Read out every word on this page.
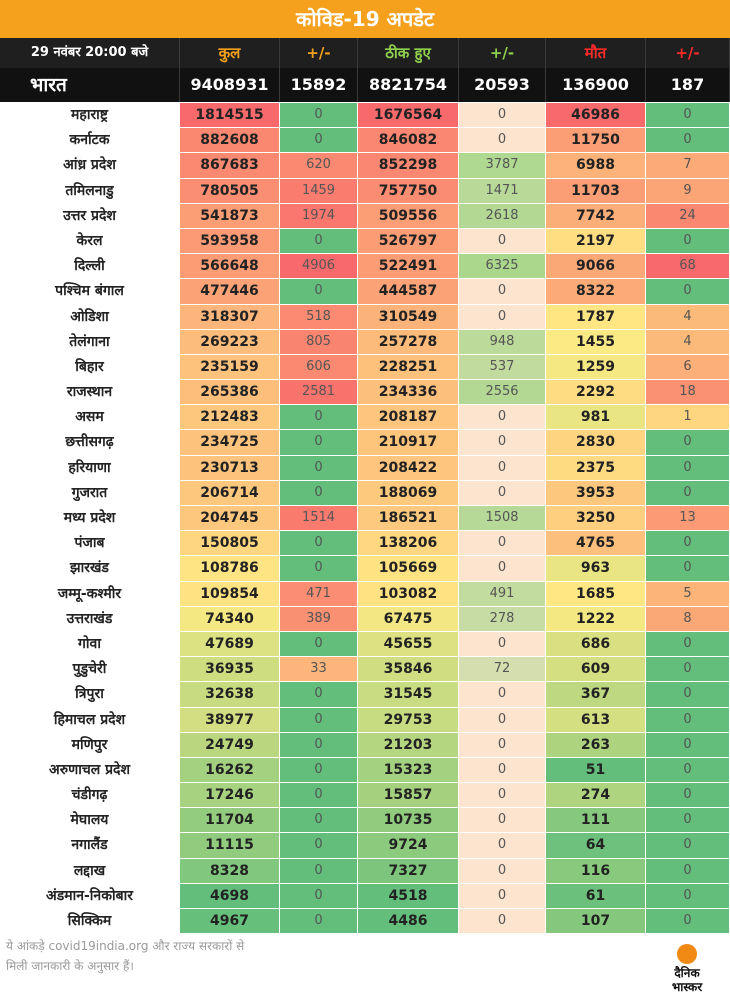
कोविड-19 अपडेट
29 नवंबर 20:00 बजे	कुल	+/-	ठीक हुए	+/-	मौत	+/-
भारत	9408931	15892	8821754	20593	136900	187
महाराष्ट्र	1814515	0	1676564	0	46986	0
कर्नाटक	882608	0	846082	0	11750	0
आंध्र प्रदेश	867683	620	852298	3787	6988	7
तमिलनाडु	780505	1459	757750	1471	11703	9
उत्तर प्रदेश	541873	1974	509556	2618	7742	24
केरल	593958	0	526797	0	2197	0
दिल्ली	566648	4906	522491	6325	9066	68
पश्चिम बंगाल	477446	0	444587	0	8322	0
ओडिशा	318307	518	310549	0	1787	4
तेलंगाना	269223	805	257278	948	1455	4
बिहार	235159	606	228251	537	1259	6
राजस्थान	265386	2581	234336	2556	2292	18
असम	212483	0	208187	0	981	1
छत्तीसगढ़	234725	0	210917	0	2830	0
हरियाणा	230713	0	208422	0	2375	0
गुजरात	206714	0	188069	0	3953	0
मध्य प्रदेश	204745	1514	186521	1508	3250	13
पंजाब	150805	0	138206	0	4765	0
झारखंड	108786	0	105669	0	963	0
जम्मू-कश्मीर	109854	471	103082	491	1685	5
उत्तराखंड	74340	389	67475	278	1222	8
गोवा	47689	0	45655	0	686	0
पुडुचेरी	36935	33	35846	72	609	0
त्रिपुरा	32638	0	31545	0	367	0
हिमाचल प्रदेश	38977	0	29753	0	613	0
मणिपुर	24749	0	21203	0	263	0
अरुणाचल प्रदेश	16262	0	15323	0	51	0
चंडीगढ़	17246	0	15857	0	274	0
मेघालय	11704	0	10735	0	111	0
नगालैंड	11115	0	9724	0	64	0
लद्दाख	8328	0	7327	0	116	0
अंडमान-निकोबार	4698	0	4518	0	61	0
सिक्किम	4967	0	4486	0	107	0
ये आंकड़े covid19india.org और राज्य सरकारों से
मिली जानकारी के अनुसार हैं।	दैनिक
भास्कर
